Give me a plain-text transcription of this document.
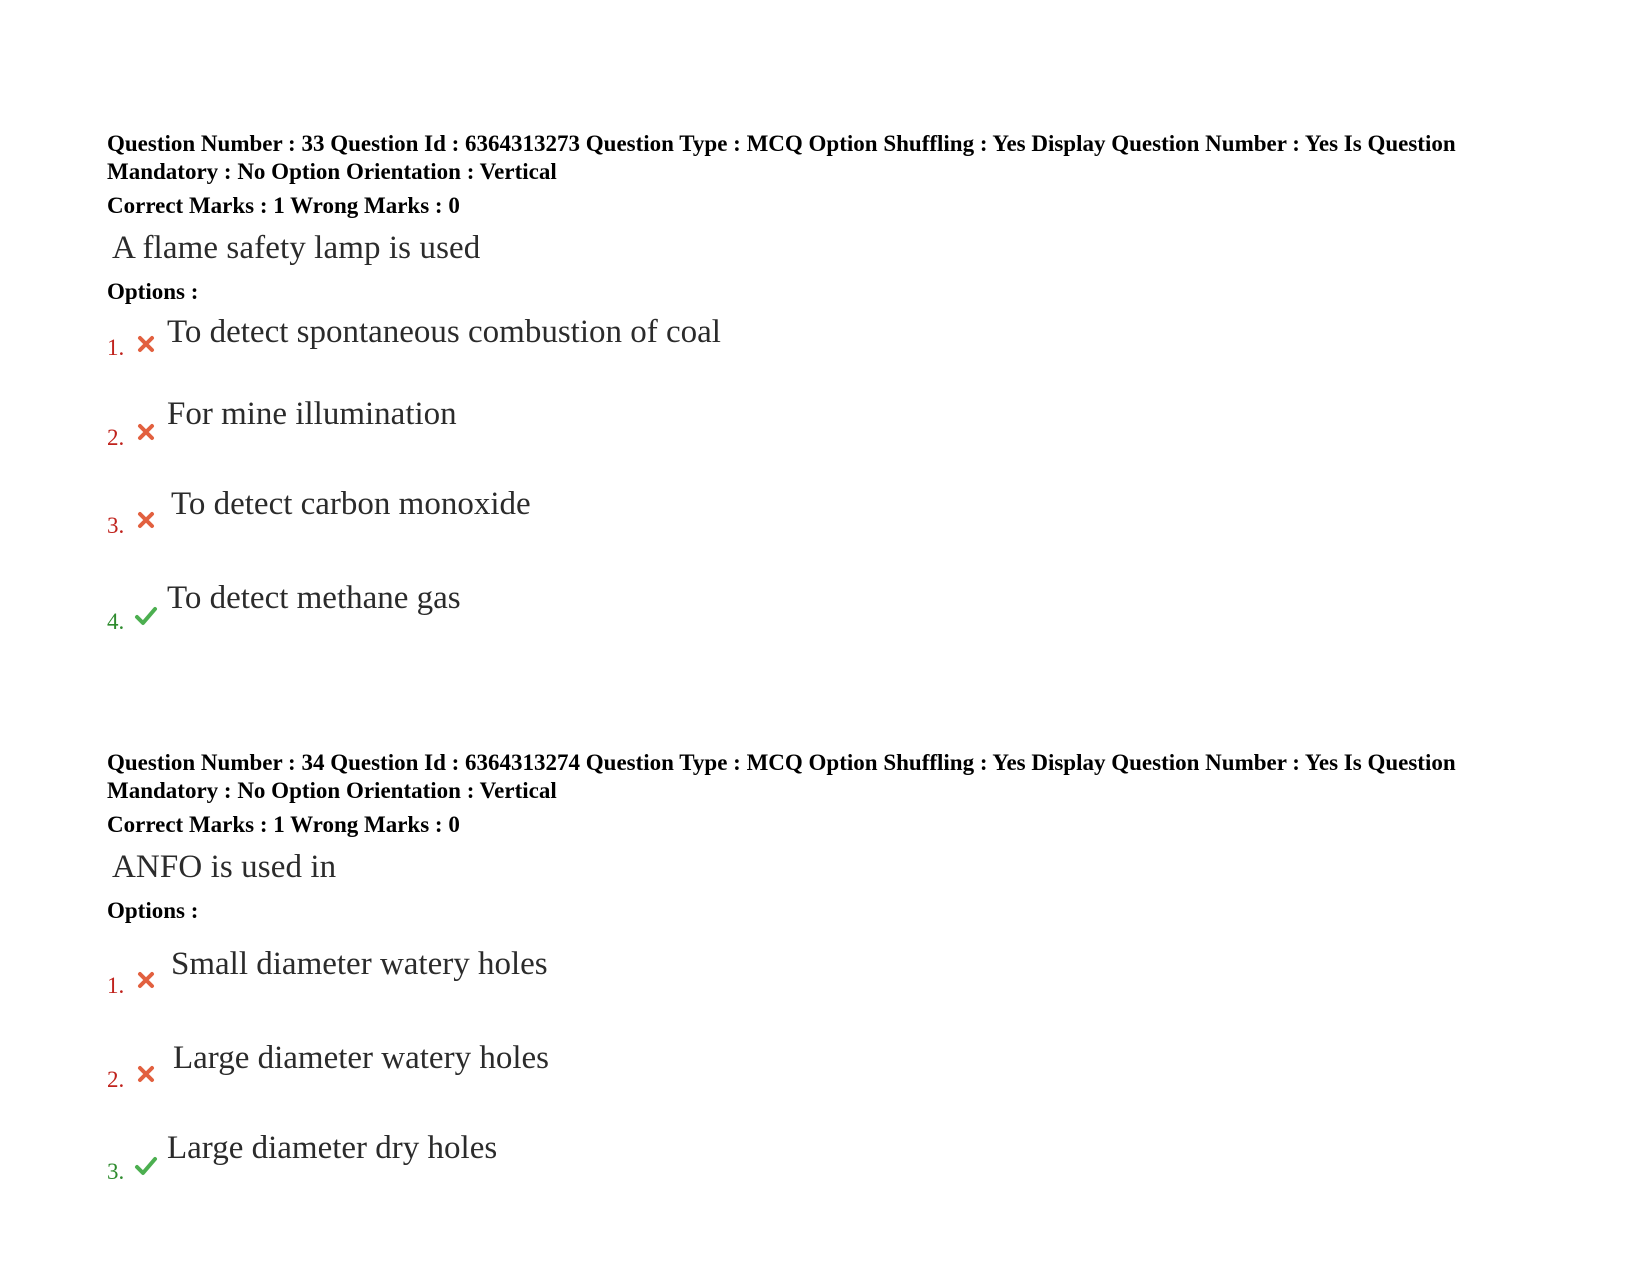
Question Number : 33 Question Id : 6364313273 Question Type : MCQ Option Shuffling : Yes Display Question Number : Yes Is Question Mandatory : No Option Orientation : Vertical

Correct Marks : 1 Wrong Marks : 0
A flame safety lamp is used
Options :
1. To detect spontaneous combustion of coal
2.
For mine illumination
3.
To detect carbon monoxide
4.
To detect methane gas

Question Number : 34 Question Id : 6364313274 Question Type : MCQ Option Shuffling : Yes Display Question Number : Yes Is Question Mandatory : No Option Orientation : Vertical

Correct Marks : 1 Wrong Marks : 0
ANFO is used in
Options :
1.
Small diameter watery holes
2.
Large diameter watery holes
3.
Large diameter dry holes
